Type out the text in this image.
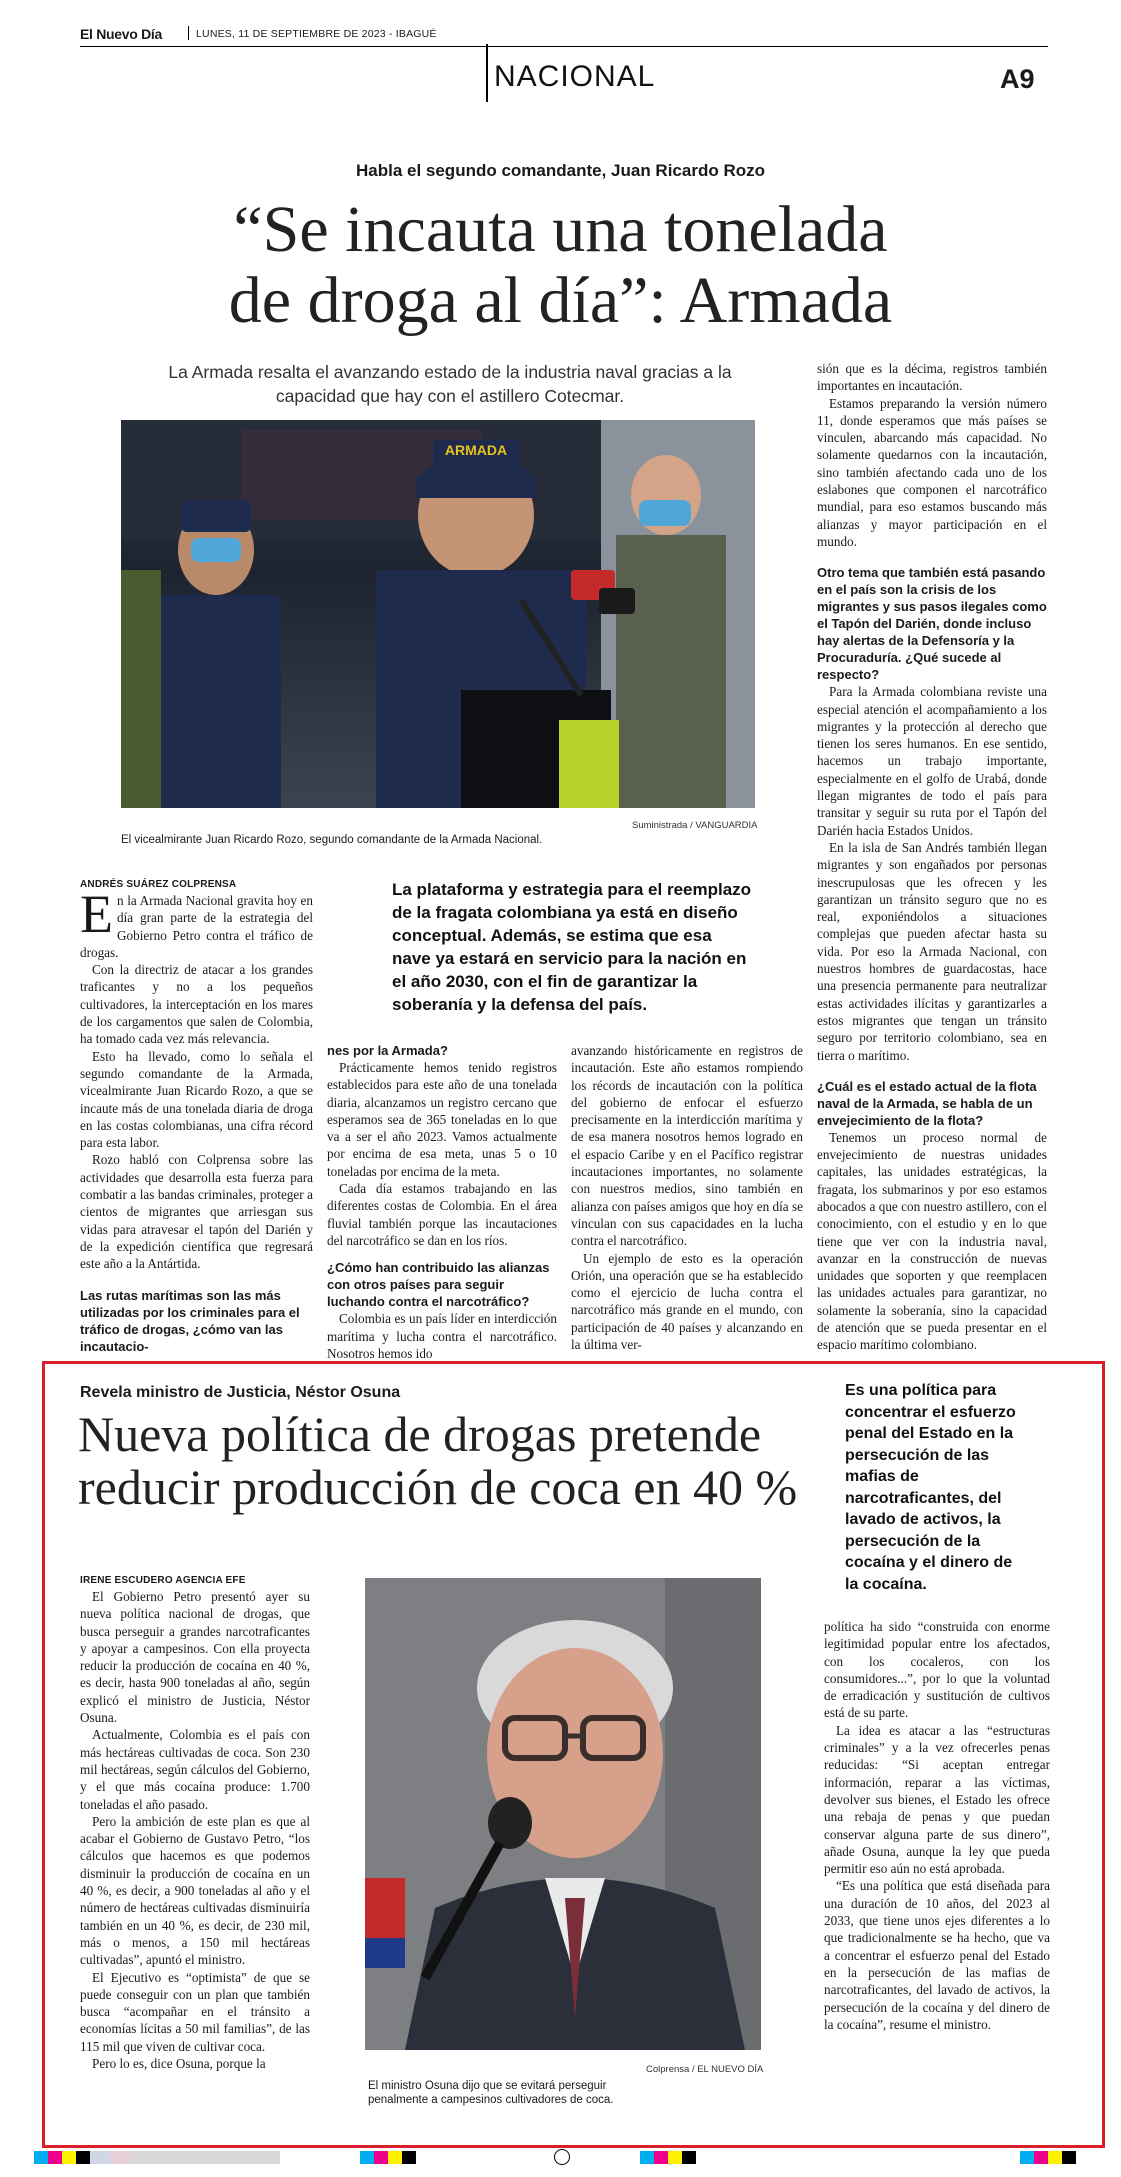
El Nuevo Día	LUNES, 11 DE SEPTIEMBRE DE 2023 - IBAGUÉ
NACIONAL	A9
Habla el segundo comandante, Juan Ricardo Rozo
“Se incauta una tonelada
de droga al día”: Armada
La Armada resalta el avanzando estado de la industria naval gracias a la
capacidad que hay con el astillero Cotecmar.
ARMADA
Suministrada / VANGUARDIA
El vicealmirante Juan Ricardo Rozo, segundo comandante de la Armada Nacional.
ANDRÉS SUÁREZ COLPRENSA

En la Armada Nacional gravita hoy en día gran parte de la estrategia del Gobierno Petro contra el tráfico de drogas.

Con la directriz de atacar a los grandes traficantes y no a los pequeños cultivadores, la interceptación en los mares de los cargamentos que salen de Colombia, ha tomado cada vez más relevancia.

Esto ha llevado, como lo señala el segundo comandante de la Armada, vicealmirante Juan Ricardo Rozo, a que se incaute más de una tonelada diaria de droga en las costas colombianas, una cifra récord para esta labor.

Rozo habló con Colprensa sobre las actividades que desarrolla esta fuerza para combatir a las bandas criminales, proteger a cientos de migrantes que arriesgan sus vidas para atravesar el tapón del Darién y de la expedición científica que regresará este año a la Antártida.

Las rutas marítimas son las más utilizadas por los criminales para el tráfico de drogas, ¿cómo van las incautacio-
La plataforma y estrategia para el reemplazo de la fragata colombiana ya está en diseño conceptual. Además, se estima que esa nave ya estará en servicio para la nación en el año 2030, con el fin de garantizar la soberanía y la defensa del país.
nes por la Armada?

Prácticamente hemos tenido registros establecidos para este año de una tonelada diaria, alcanzamos un registro cercano que esperamos sea de 365 toneladas en lo que va a ser el año 2023. Vamos actualmente por encima de esa meta, unas 5 o 10 toneladas por encima de la meta.

Cada día estamos trabajando en las diferentes costas de Colombia. En el área fluvial también porque las incautaciones del narcotráfico se dan en los ríos.

¿Cómo han contribuido las alianzas con otros países para seguir luchando contra el narcotráfico?

Colombia es un país líder en interdicción marítima y lucha contra el narcotráfico. Nosotros hemos ido

avanzando históricamente en registros de incautación. Este año estamos rompiendo los récords de incautación con la política del gobierno de enfocar el esfuerzo precisamente en la interdicción marítima y de esa manera nosotros hemos logrado en el espacio Caribe y en el Pacífico registrar incautaciones importantes, no solamente con nuestros medios, sino también en alianza con países amigos que hoy en día se vinculan con sus capacidades en la lucha contra el narcotráfico.

Un ejemplo de esto es la operación Orión, una operación que se ha establecido como el ejercicio de lucha contra el narcotráfico más grande en el mundo, con participación de 40 países y alcanzando en la última ver-

sión que es la décima, registros también importantes en incautación.

Estamos preparando la versión número 11, donde esperamos que más países se vinculen, abarcando más capacidad. No solamente quedarnos con la incautación, sino también afectando cada uno de los eslabones que componen el narcotráfico mundial, para eso estamos buscando más alianzas y mayor participación en el mundo.

Otro tema que también está pasando en el país son la crisis de los migrantes y sus pasos ilegales como el Tapón del Darién, donde incluso hay alertas de la Defensoría y la Procuraduría. ¿Qué sucede al respecto?

Para la Armada colombiana reviste una especial atención el acompañamiento a los migrantes y la protección al derecho que tienen los seres humanos. En ese sentido, hacemos un trabajo importante, especialmente en el golfo de Urabá, donde llegan migrantes de todo el país para transitar y seguir su ruta por el Tapón del Darién hacia Estados Unidos.

En la isla de San Andrés también llegan migrantes y son engañados por personas inescrupulosas que les ofrecen y les garantizan un tránsito seguro que no es real, exponiéndolos a situaciones complejas que pueden afectar hasta su vida. Por eso la Armada Nacional, con nuestros hombres de guardacostas, hace una presencia permanente para neutralizar estas actividades ilícitas y garantizarles a estos migrantes que tengan un tránsito seguro por territorio colombiano, sea en tierra o marítimo.

¿Cuál es el estado actual de la flota naval de la Armada, se habla de un envejecimiento de la flota?

Tenemos un proceso normal de envejecimiento de nuestras unidades capitales, las unidades estratégicas, la fragata, los submarinos y por eso estamos abocados a que con nuestro astillero, con el conocimiento, con el estudio y en lo que tiene que ver con la industria naval, avanzar en la construcción de nuevas unidades que soporten y que reemplacen las unidades actuales para garantizar, no solamente la soberanía, sino la capacidad de atención que se pueda presentar en el espacio marítimo colombiano.

Revela ministro de Justicia, Néstor Osuna
Nueva política de drogas pretende
reducir producción de coca en 40 %
Es una política para concentrar el esfuerzo penal del Estado en la persecución de las mafias de narcotraficantes, del lavado de activos, la persecución de la cocaína y el dinero de la cocaína.
IRENE ESCUDERO AGENCIA EFE

El Gobierno Petro presentó ayer su nueva política nacional de drogas, que busca perseguir a grandes narcotraficantes y apoyar a campesinos. Con ella proyecta reducir la producción de cocaína en 40 %, es decir, hasta 900 toneladas al año, según explicó el ministro de Justicia, Néstor Osuna.

Actualmente, Colombia es el país con más hectáreas cultivadas de coca. Son 230 mil hectáreas, según cálculos del Gobierno, y el que más cocaína produce: 1.700 toneladas el año pasado.

Pero la ambición de este plan es que al acabar el Gobierno de Gustavo Petro, “los cálculos que hacemos es que podemos disminuir la producción de cocaína en un 40 %, es decir, a 900 toneladas al año y el número de hectáreas cultivadas disminuiría también en un 40 %, es decir, de 230 mil, más o menos, a 150 mil hectáreas cultivadas”, apuntó el ministro.

El Ejecutivo es “optimista” de que se puede conseguir con un plan que también busca “acompañar en el tránsito a economías lícitas a 50 mil familias”, de las 115 mil que viven de cultivar coca.

Pero lo es, dice Osuna, porque la	Colprensa / EL NUEVO DÍA
El ministro Osuna dijo que se evitará perseguir penalmente a campesinos cultivadores de coca.

política ha sido “construida con enorme legitimidad popular entre los afectados, con los cocaleros, con los consumidores...”, por lo que la voluntad de erradicación y sustitución de cultivos está de su parte.

La idea es atacar a las “estructuras criminales” y a la vez ofrecerles penas reducidas: “Si aceptan entregar información, reparar a las víctimas, devolver sus bienes, el Estado les ofrece una rebaja de penas y que puedan conservar alguna parte de sus dinero”, añade Osuna, aunque la ley que pueda permitir eso aún no está aprobada.

“Es una política que está diseñada para una duración de 10 años, del 2023 al 2033, que tiene unos ejes diferentes a lo que tradicionalmente se ha hecho, que va a concentrar el esfuerzo penal del Estado en la persecución de las mafias de narcotraficantes, del lavado de activos, la persecución de la cocaína y del dinero de la cocaína”, resume el ministro.
